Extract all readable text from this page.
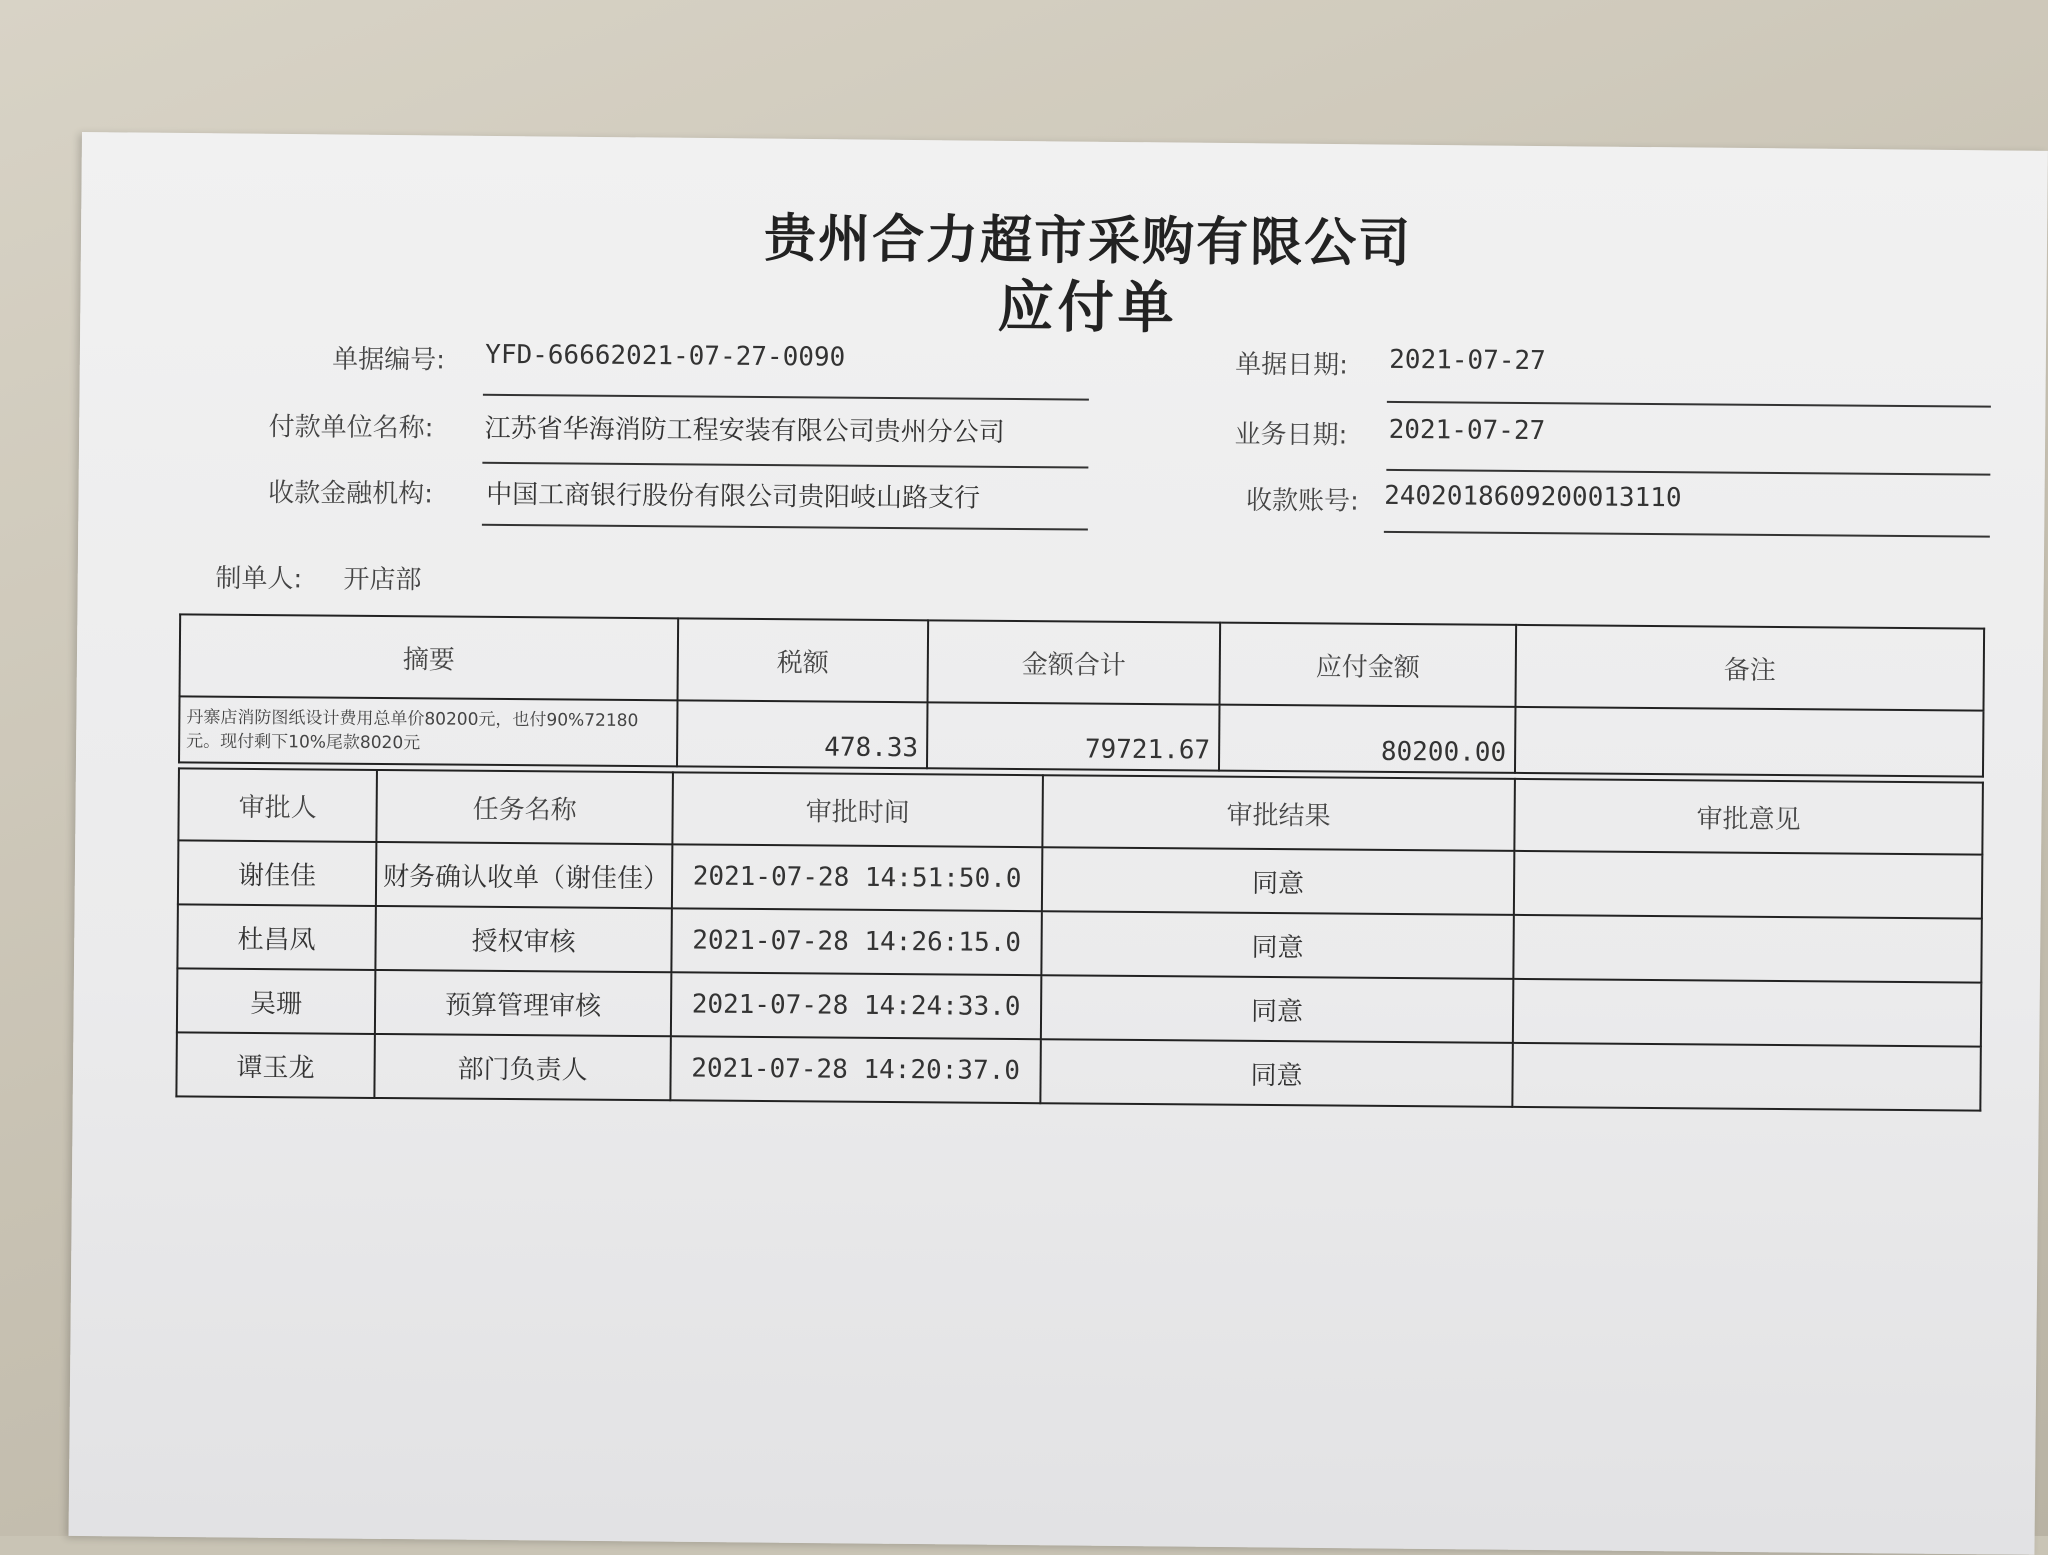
贵州合力超市采购有限公司
应付单
单据编号: YFD-66662021-07-27-0090
付款单位名称: 江苏省华海消防工程安装有限公司贵州分公司
收款金融机构: 中国工商银行股份有限公司贵阳岐山路支行
单据日期: 2021-07-27
业务日期: 2021-07-27
收款账号: 2402018609200013110
制单人: 开店部
摘要	税额	金额合计	应付金额	备注
丹寨店消防图纸设计费用总单价80200元，也付90%72180元。现付剩下10%尾款8020元	478.33	79721.67	80200.00	
审批人	任务名称	审批时间	审批结果	审批意见
谢佳佳	财务确认收单（谢佳佳）	2021-07-28 14:51:50.0	同意	
杜昌凤	授权审核	2021-07-28 14:26:15.0	同意	
吴珊	预算管理审核	2021-07-28 14:24:33.0	同意	
谭玉龙	部门负责人	2021-07-28 14:20:37.0	同意	
